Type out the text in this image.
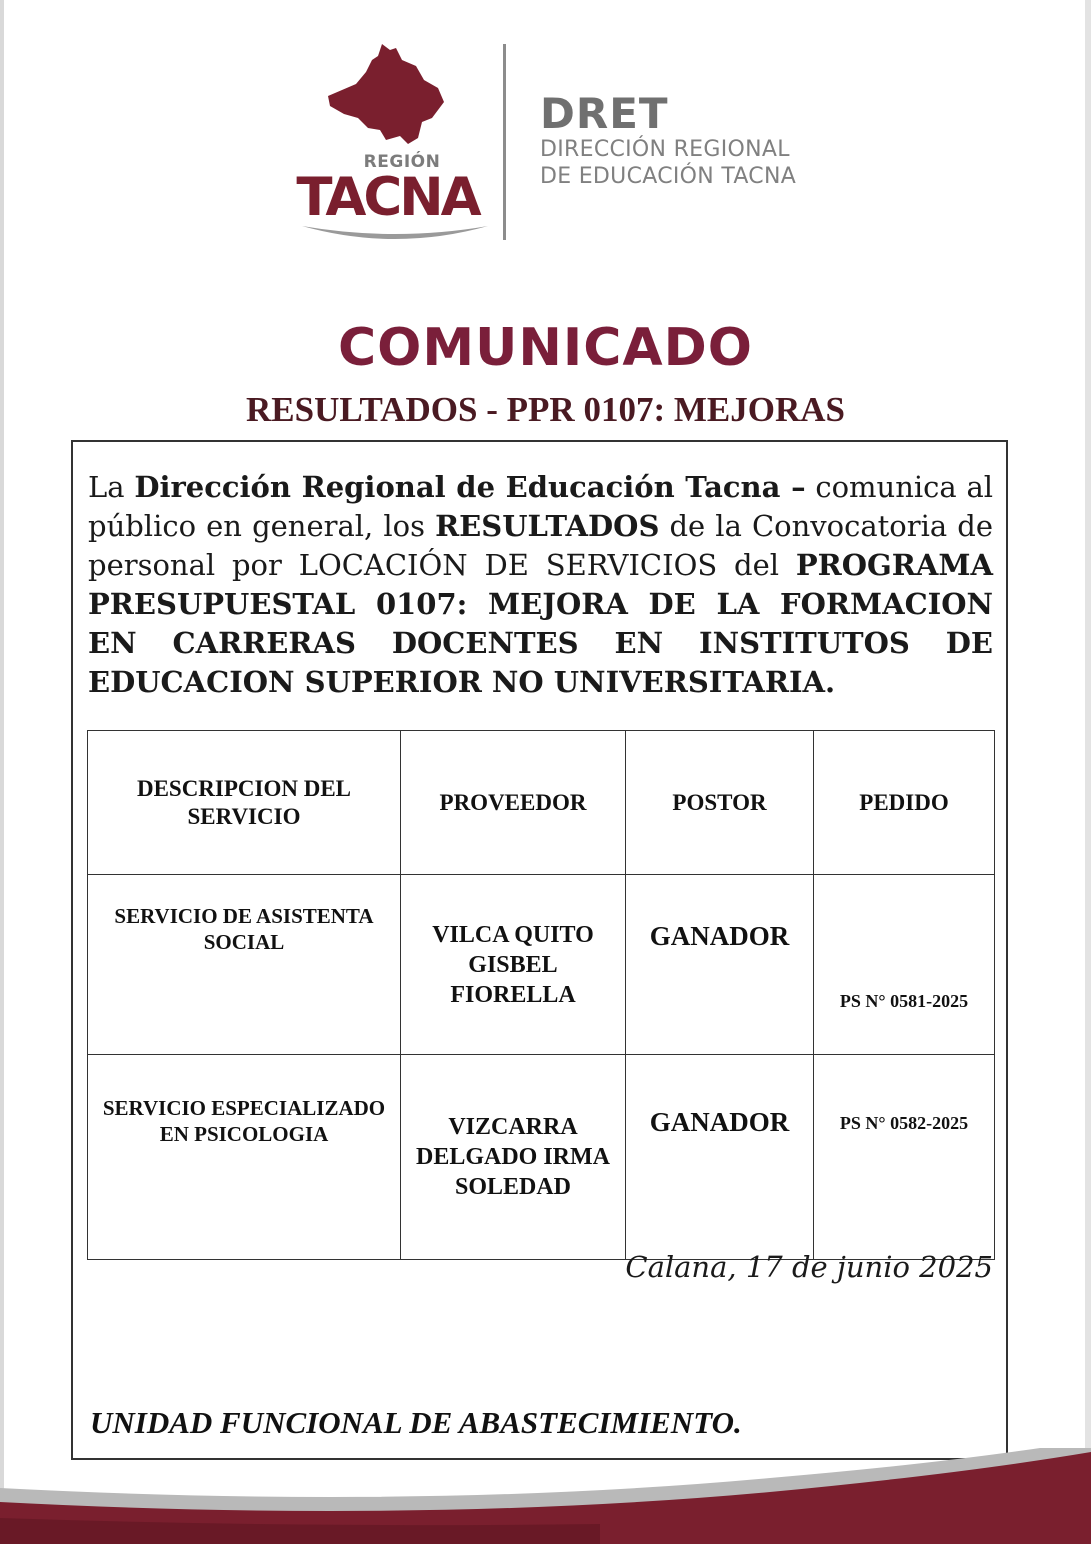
REGIÓN
TACNA
DRET
DIRECCIÓN REGIONAL
DE EDUCACIÓN TACNA
COMUNICADO
RESULTADOS - PPR 0107: MEJORAS
La Dirección Regional de Educación Tacna – comunica al público en general, los RESULTADOS de la Convocatoria de personal por LOCACIÓN DE SERVICIOS del PROGRAMA PRESUPUESTAL 0107: MEJORA DE LA FORMACION EN CARRERAS DOCENTES EN INSTITUTOS DE EDUCACION SUPERIOR NO UNIVERSITARIA.
DESCRIPCION DEL SERVICIO	PROVEEDOR	POSTOR	PEDIDO
SERVICIO DE ASISTENTA SOCIAL	VILCA QUITO GISBEL FIORELLA	GANADOR	PS N° 0581-2025
SERVICIO ESPECIALIZADO EN PSICOLOGIA	VIZCARRA DELGADO IRMA SOLEDAD	GANADOR	PS N° 0582-2025
Calana, 17 de junio 2025
UNIDAD FUNCIONAL DE ABASTECIMIENTO.
